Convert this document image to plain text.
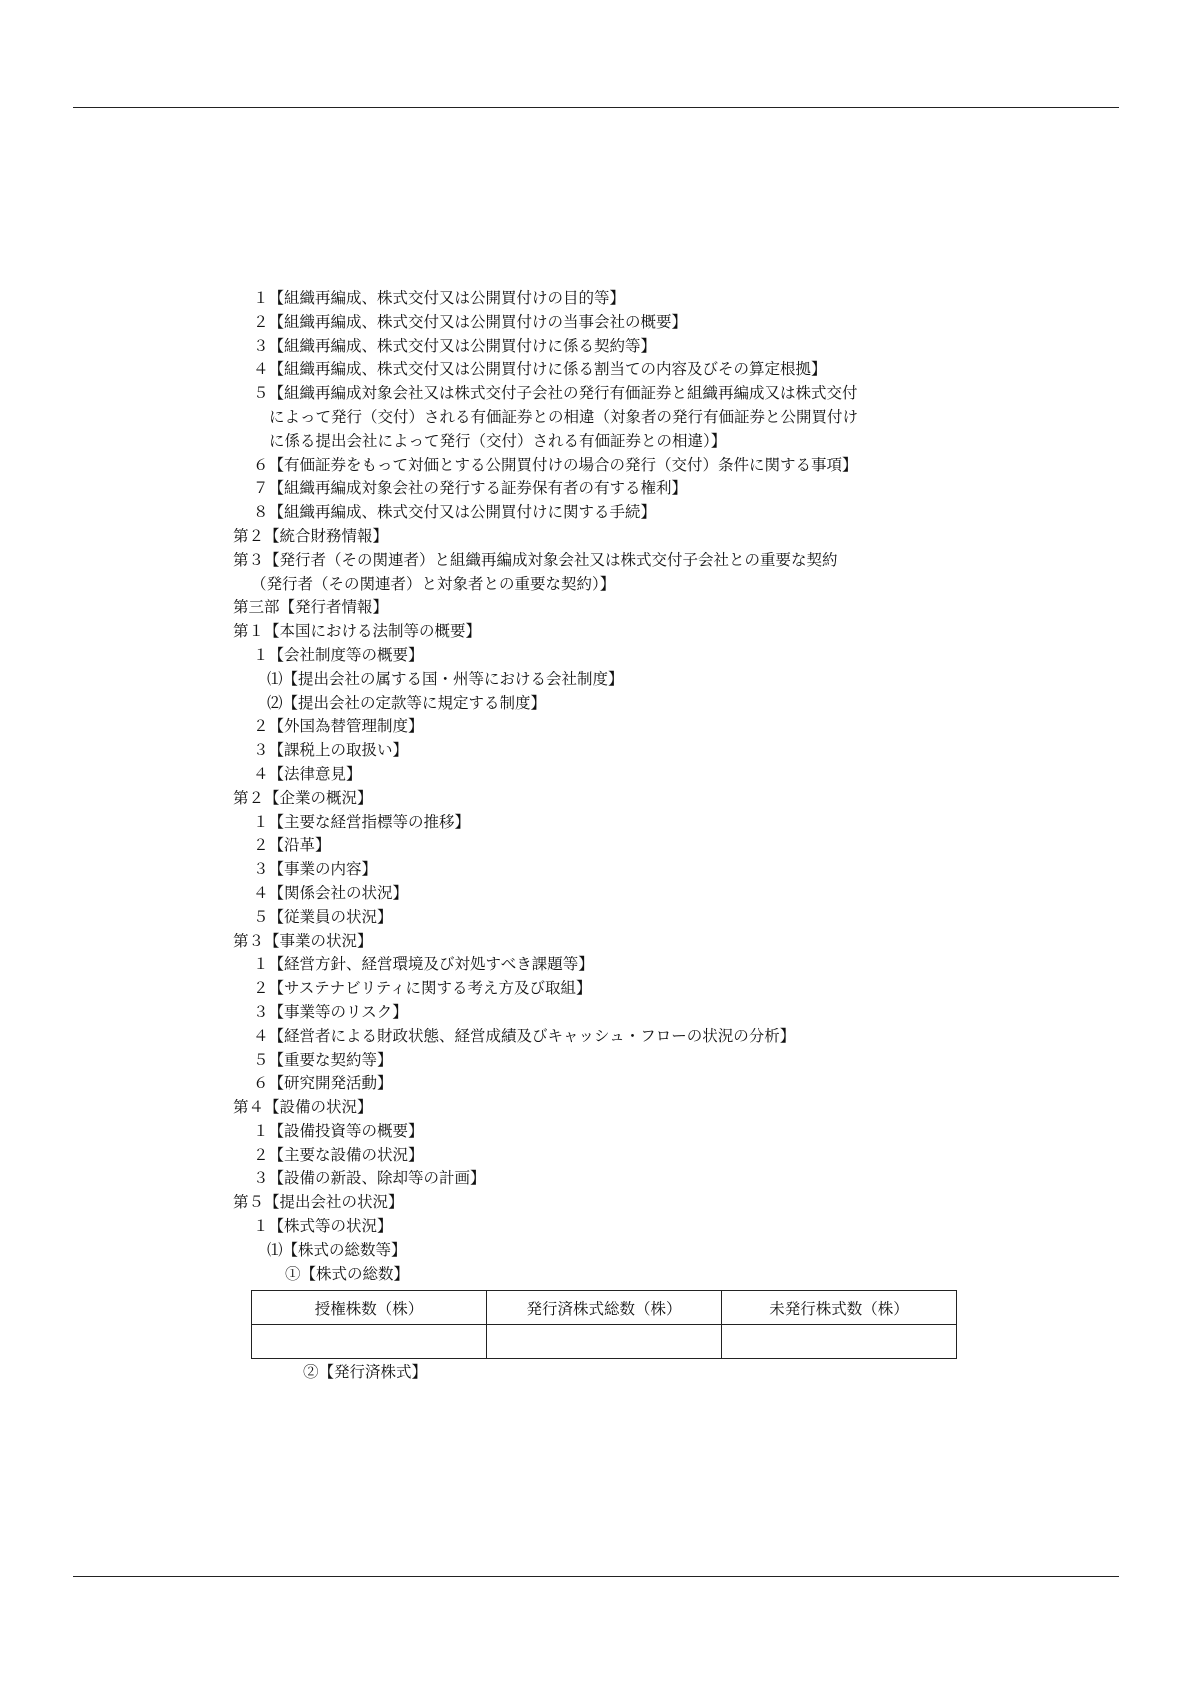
１【組織再編成、株式交付又は公開買付けの目的等】
２【組織再編成、株式交付又は公開買付けの当事会社の概要】
３【組織再編成、株式交付又は公開買付けに係る契約等】
４【組織再編成、株式交付又は公開買付けに係る割当ての内容及びその算定根拠】
５【組織再編成対象会社又は株式交付子会社の発行有価証券と組織再編成又は株式交付
によって発行（交付）される有価証券との相違（対象者の発行有価証券と公開買付け
に係る提出会社によって発行（交付）される有価証券との相違）】
６【有価証券をもって対価とする公開買付けの場合の発行（交付）条件に関する事項】
７【組織再編成対象会社の発行する証券保有者の有する権利】
８【組織再編成、株式交付又は公開買付けに関する手続】
第２【統合財務情報】
第３【発行者（その関連者）と組織再編成対象会社又は株式交付子会社との重要な契約
（発行者（その関連者）と対象者との重要な契約）】
第三部【発行者情報】
第１【本国における法制等の概要】
１【会社制度等の概要】
⑴【提出会社の属する国・州等における会社制度】
⑵【提出会社の定款等に規定する制度】
２【外国為替管理制度】
３【課税上の取扱い】
４【法律意見】
第２【企業の概況】
１【主要な経営指標等の推移】
２【沿革】
３【事業の内容】
４【関係会社の状況】
５【従業員の状況】
第３【事業の状況】
１【経営方針、経営環境及び対処すべき課題等】
２【サステナビリティに関する考え方及び取組】
３【事業等のリスク】
４【経営者による財政状態、経営成績及びキャッシュ・フローの状況の分析】
５【重要な契約等】
６【研究開発活動】
第４【設備の状況】
１【設備投資等の概要】
２【主要な設備の状況】
３【設備の新設、除却等の計画】
第５【提出会社の状況】
１【株式等の状況】
⑴【株式の総数等】
①【株式の総数】
授権株数（株）	発行済株式総数（株）	未発行株式数（株）

②【発行済株式】
